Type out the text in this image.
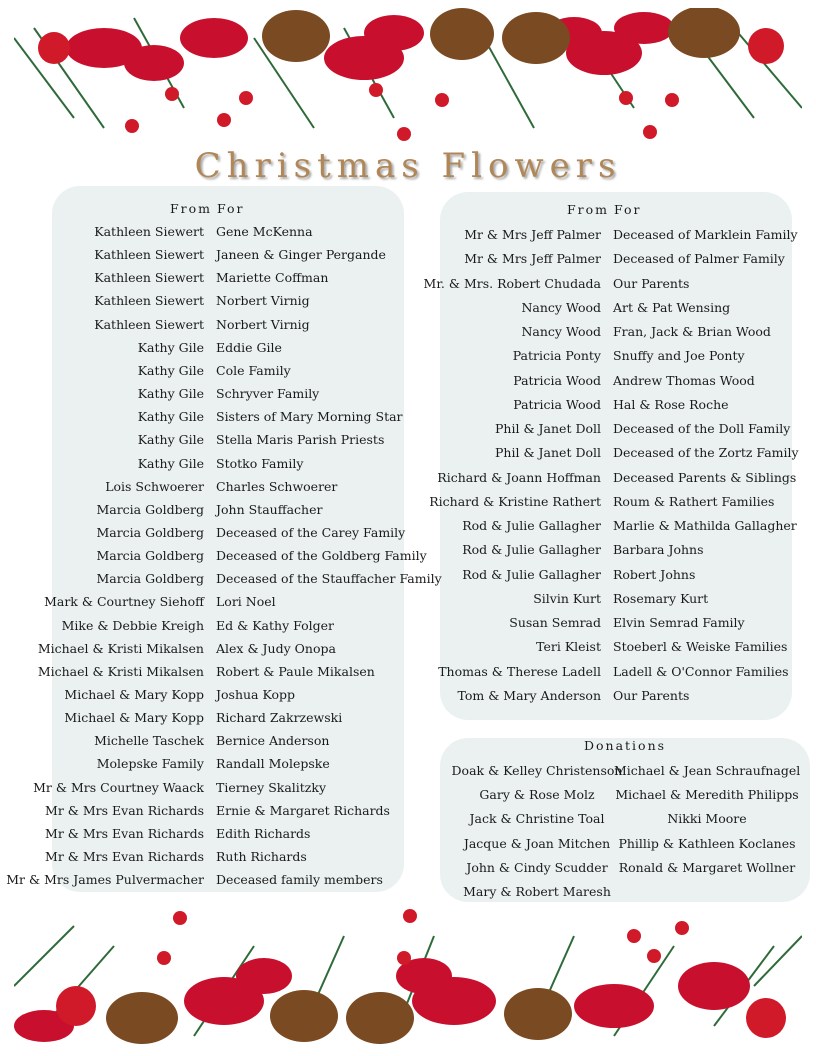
Christmas Flowers
From For	From For
Kathleen Siewert Gene McKenna
Kathleen Siewert Janeen & Ginger Pergande
Kathleen Siewert Mariette Coffman
Kathleen Siewert Norbert Virnig
Kathleen Siewert Norbert Virnig
Kathy Gile Eddie Gile
Kathy Gile Cole Family
Kathy Gile Schryver Family
Kathy Gile Sisters of Mary Morning Star
Kathy Gile Stella Maris Parish Priests
Kathy Gile Stotko Family
Lois Schwoerer Charles Schwoerer
Marcia Goldberg John Stauffacher
Marcia Goldberg Deceased of the Carey Family
Marcia Goldberg Deceased of the Goldberg Family
Marcia Goldberg Deceased of the Stauffacher Family
Mark & Courtney Siehoff Lori Noel
Mike & Debbie Kreigh Ed & Kathy Folger
Michael & Kristi Mikalsen Alex & Judy Onopa
Michael & Kristi Mikalsen Robert & Paule Mikalsen
Michael & Mary Kopp Joshua Kopp
Michael & Mary Kopp Richard Zakrzewski
Michelle Taschek Bernice Anderson
Molepske Family Randall Molepske
Mr & Mrs Courtney Waack Tierney Skalitzky
Mr & Mrs Evan Richards Ernie & Margaret Richards
Mr & Mrs Evan Richards Edith Richards
Mr & Mrs Evan Richards Ruth Richards
Mr & Mrs James Pulvermacher Deceased family members
Mr & Mrs Jeff Palmer Deceased of Marklein Family
Mr & Mrs Jeff Palmer Deceased of Palmer Family
Mr. & Mrs. Robert Chudada Our Parents
Nancy Wood Art & Pat Wensing
Nancy Wood Fran, Jack & Brian Wood
Patricia Ponty Snuffy and Joe Ponty
Patricia Wood Andrew Thomas Wood
Patricia Wood Hal & Rose Roche
Phil & Janet Doll Deceased of the Doll Family
Phil & Janet Doll Deceased of the Zortz Family
Richard & Joann Hoffman Deceased Parents & Siblings
Richard & Kristine Rathert Roum & Rathert Families
Rod & Julie Gallagher Marlie & Mathilda Gallagher
Rod & Julie Gallagher Barbara Johns
Rod & Julie Gallagher Robert Johns
Silvin Kurt Rosemary Kurt
Susan Semrad Elvin Semrad Family
Teri Kleist Stoeberl & Weiske Families
Thomas & Therese Ladell Ladell & O'Connor Families
Tom & Mary Anderson Our Parents
Donations
Doak & Kelley Christenson
Gary & Rose Molz
Jack & Christine Toal
Jacque & Joan Mitchen
John & Cindy Scudder
Mary & Robert Maresh
Michael & Jean Schraufnagel
Michael & Meredith Philipps
Nikki Moore
Phillip & Kathleen Koclanes
Ronald & Margaret Wollner
